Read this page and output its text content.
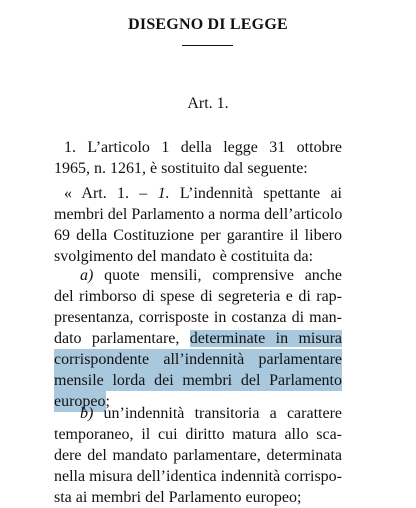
DISEGNO DI LEGGE
Art. 1.
1. L’articolo 1 della legge 31 ottobre
1965, n. 1261, è sostituito dal seguente:
« Art. 1. – 1. L’indennità spettante ai
membri del Parlamento a norma dell’articolo
69 della Costituzione per garantire il libero
svolgimento del mandato è costituita da:
a) quote mensili, comprensive anche
del rimborso di spese di segreteria e di rap-
presentanza, corrisposte in costanza di man-
dato parlamentare, determinate in misura
corrispondente all’indennità parlamentare
mensile lorda dei membri del Parlamento
europeo;
b) un’indennità transitoria a carattere
temporaneo, il cui diritto matura allo sca-
dere del mandato parlamentare, determinata
nella misura dell’identica indennità corrispo-
sta ai membri del Parlamento europeo;
